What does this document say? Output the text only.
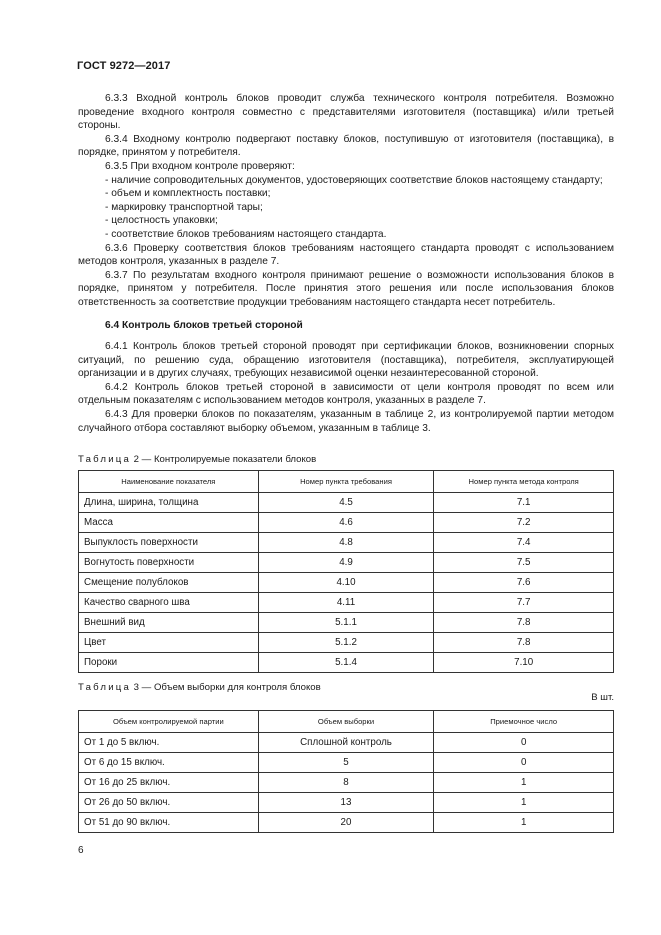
ГОСТ 9272—2017

6.3.3 Входной контроль блоков проводит служба технического контроля потребителя. Возможно проведение входного контроля совместно с представителями изготовителя (поставщика) и/или третьей стороны.

6.3.4 Входному контролю подвергают поставку блоков, поступившую от изготовителя (поставщика), в порядке, принятом у потребителя.

6.3.5 При входном контроле проверяют:

- наличие сопроводительных документов, удостоверяющих соответствие блоков настоящему стандарту;

- объем и комплектность поставки;

- маркировку транспортной тары;

- целостность упаковки;

- соответствие блоков требованиям настоящего стандарта.

6.3.6 Проверку соответствия блоков требованиям настоящего стандарта проводят с использованием методов контроля, указанных в разделе 7.

6.3.7 По результатам входного контроля принимают решение о возможности использования блоков в порядке, принятом у потребителя. После принятия этого решения или после использования блоков ответственность за соответствие продукции требованиям настоящего стандарта несет потребитель.

6.4 Контроль блоков третьей стороной

6.4.1 Контроль блоков третьей стороной проводят при сертификации блоков, возникновении спорных ситуаций, по решению суда, обращению изготовителя (поставщика), потребителя, эксплуатирующей организации и в других случаях, требующих независимой оценки незаинтересованной стороной.

6.4.2 Контроль блоков третьей стороной в зависимости от цели контроля проводят по всем или отдельным показателям с использованием методов контроля, указанных в разделе 7.

6.4.3 Для проверки блоков по показателям, указанным в таблице 2, из контролируемой партии методом случайного отбора составляют выборку объемом, указанным в таблице 3.

Таблица 2 — Контролируемые показатели блоков
Наименование показателя	Номер пункта требования	Номер пункта метода контроля
Длина, ширина, толщина	4.5	7.1
Масса	4.6	7.2
Выпуклость поверхности	4.8	7.4
Вогнутость поверхности	4.9	7.5
Смещение полублоков	4.10	7.6
Качество сварного шва	4.11	7.7
Внешний вид	5.1.1	7.8
Цвет	5.1.2	7.8
Пороки	5.1.4	7.10
Таблица 3 — Объем выборки для контроля блоков
В шт.
Объем контролируемой партии	Объем выборки	Приемочное число
От 1 до 5 включ.	Сплошной контроль	0
От 6 до 15 включ.	5	0
От 16 до 25 включ.	8	1
От 26 до 50 включ.	13	1
От 51 до 90 включ.	20	1
6
